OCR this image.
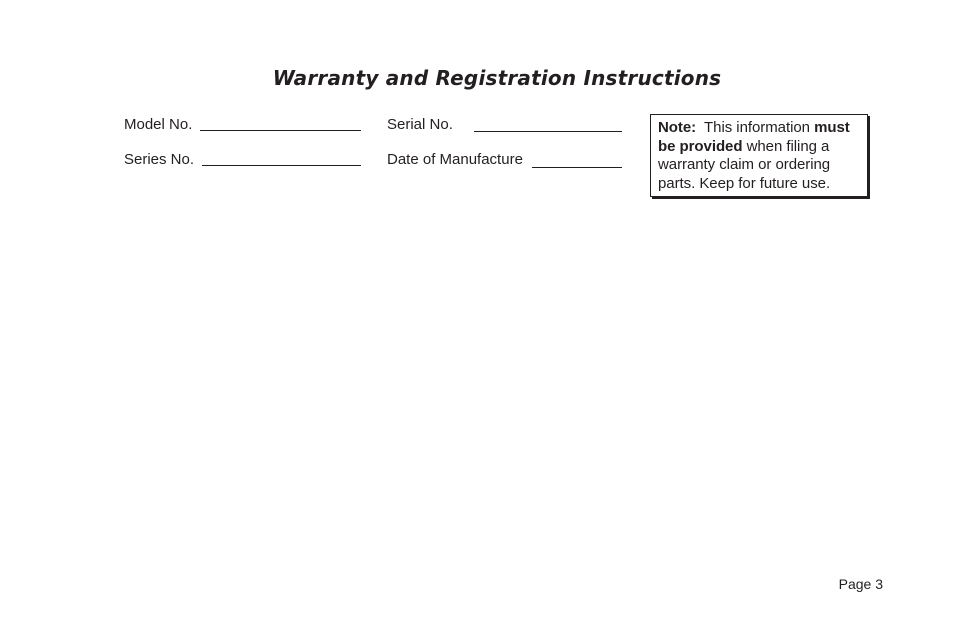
Warranty and Registration Instructions
Model No.	Serial No.
Series No.	Date of Manufacture
Note: This information must be provided when filing a warranty claim or ordering parts. Keep for future use.
Page 3
